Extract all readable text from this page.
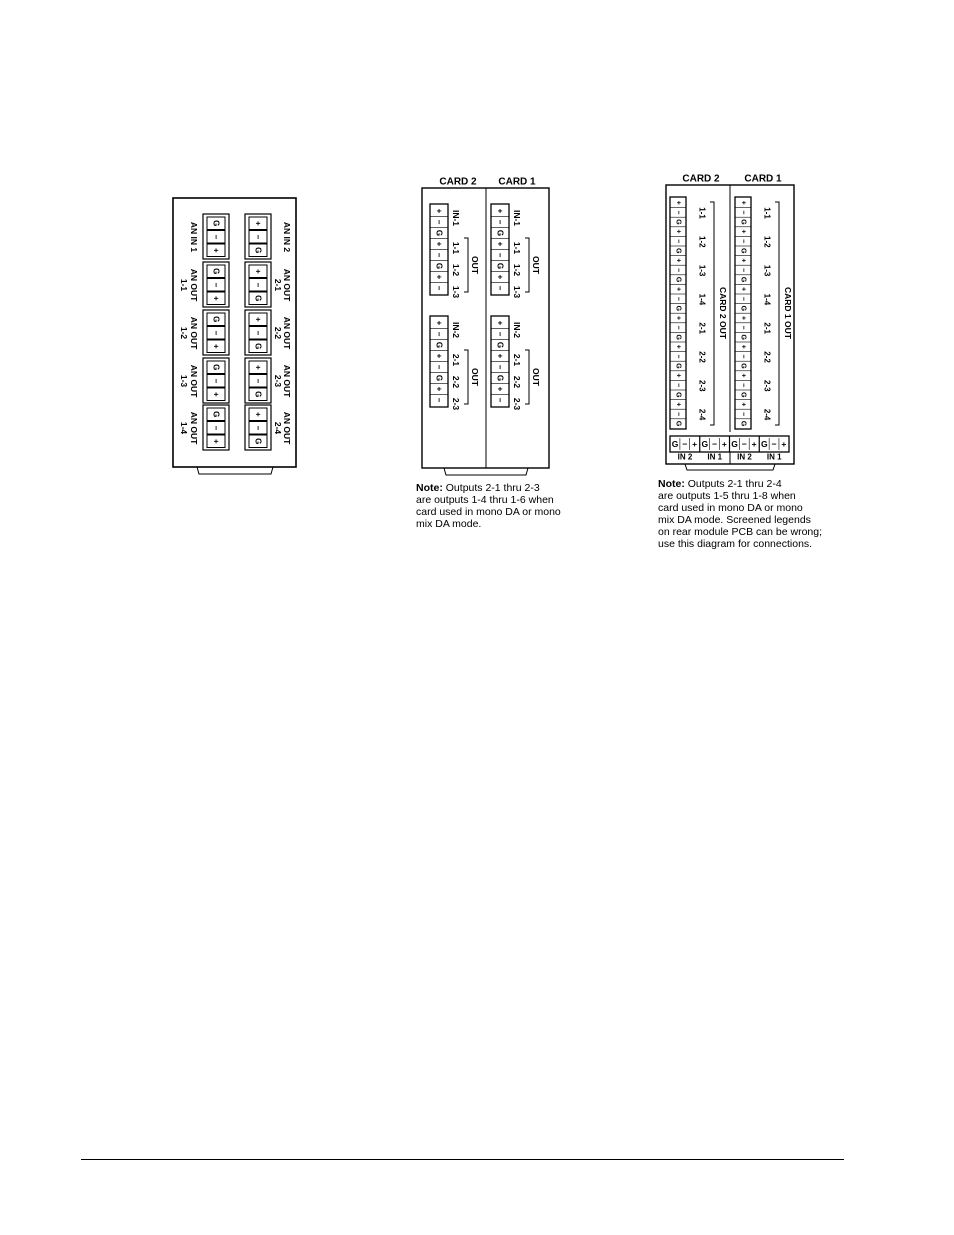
G
−
+
AN IN 1
G
−
+
AN OUT
1-1
G
−
+
AN OUT
1-2
G
−
+
AN OUT
1-3
G
−
+
AN OUT
1-4
+
−
G AN IN 2
+
−
G AN OUT
2-1
+
−
G AN OUT
2-2
+
−
G AN OUT
2-3
+
−
G AN OUT
2-4
CARD 2 CARD 1
+
−
G
+
−
G
+
−
IN-1
1-1
1-2
1-3
OUT
+
−
G
+
−
G
+
−
IN-2
2-1
2-2
2-3
OUT
+
−
G
+
−
G
+
−
IN-1
1-1
1-2
1-3
OUT
+
−
G
+
−
G
+
−
IN-2
2-1
2-2
2-3
OUT
CARD 2 CARD 1
+
−
G
+
−
G
+
−
G
+
−
G
+
−
G
+
−
G
+
−
G
+
−
G
1-1
1-2
1-3
1-4
2-1
2-2
2-3
2-4
CARD 2 OUT
+
−
G
+
−
G
+
−
G
+
−
G
+
−
G
+
−
G
+
−
G
+
−
G
1-1
1-2
1-3
1-4
2-1
2-2
2-3
2-4
CARD 1 OUT
G − +
IN 2
G − +
IN 1
G − +
IN 2
G − +
IN 1
Note: Outputs 2-1 thru 2-3
are outputs 1-4 thru 1-6 when
card used in mono DA or mono
mix DA mode.
Note: Outputs 2-1 thru 2-4
are outputs 1-5 thru 1-8 when
card used in mono DA or mono
mix DA mode. Screened legends
on rear module PCB can be wrong;
use this diagram for connections.
